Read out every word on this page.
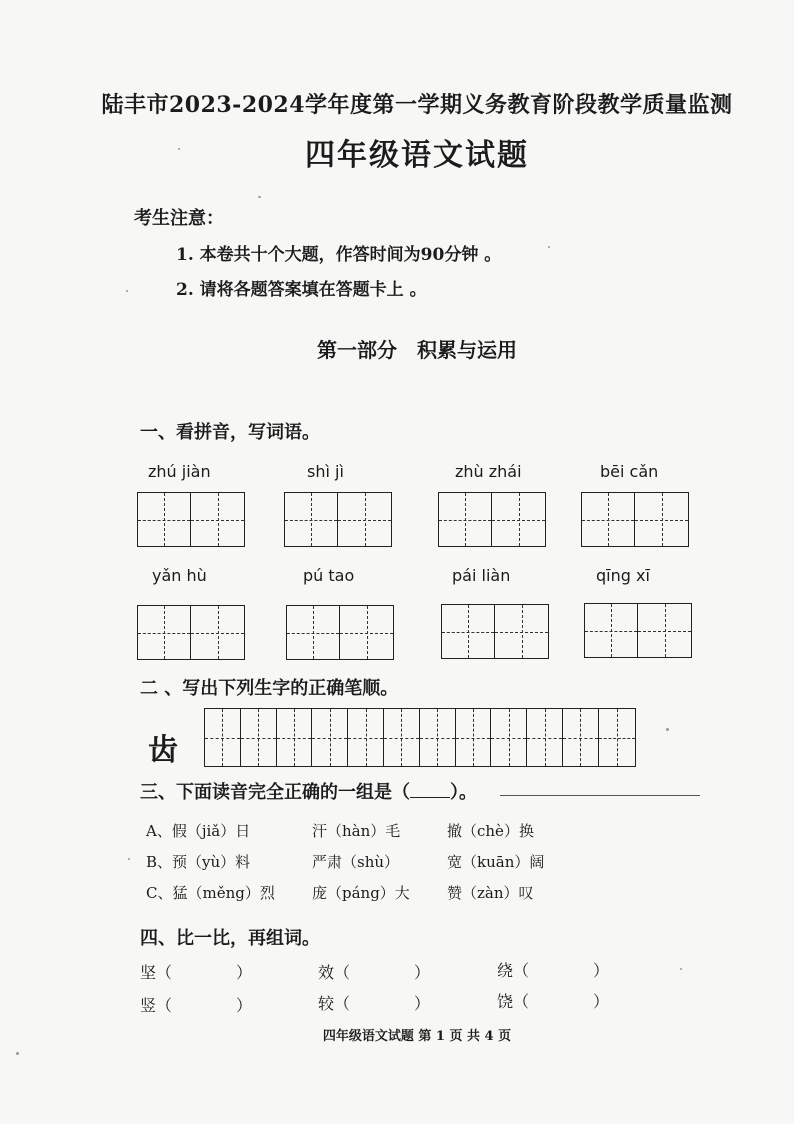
陆丰市2023-2024学年度第一学期义务教育阶段教学质量监测
四年级语文试题
考生注意：
1. 本卷共十个大题，作答时间为90分钟 。
2. 请将各题答案填在答题卡上 。
第一部分　积累与运用
一、看拼音，写词语。
zhú jiàn	shì jì	zhù zhái	bēi cǎn
yǎn hù	pú tao	pái liàn	qīng xī
二 、写出下列生字的正确笔顺。
齿
三、下面读音完全正确的一组是（ ）。
A、假（jiǎ）日	汗（hàn）毛	撤（chè）换
B、预（yù）料	严肃（shù）	宽（kuān）阔
C、猛（měng）烈 庞（páng）大 赞（zàn）叹
四、比一比，再组词。
坚（　　　　）	效（　　　　）	绕（　　　　）
竖（　　　　）	较（　　　　）	饶（　　　　）
四年级语文试题 第 1 页 共 4 页
